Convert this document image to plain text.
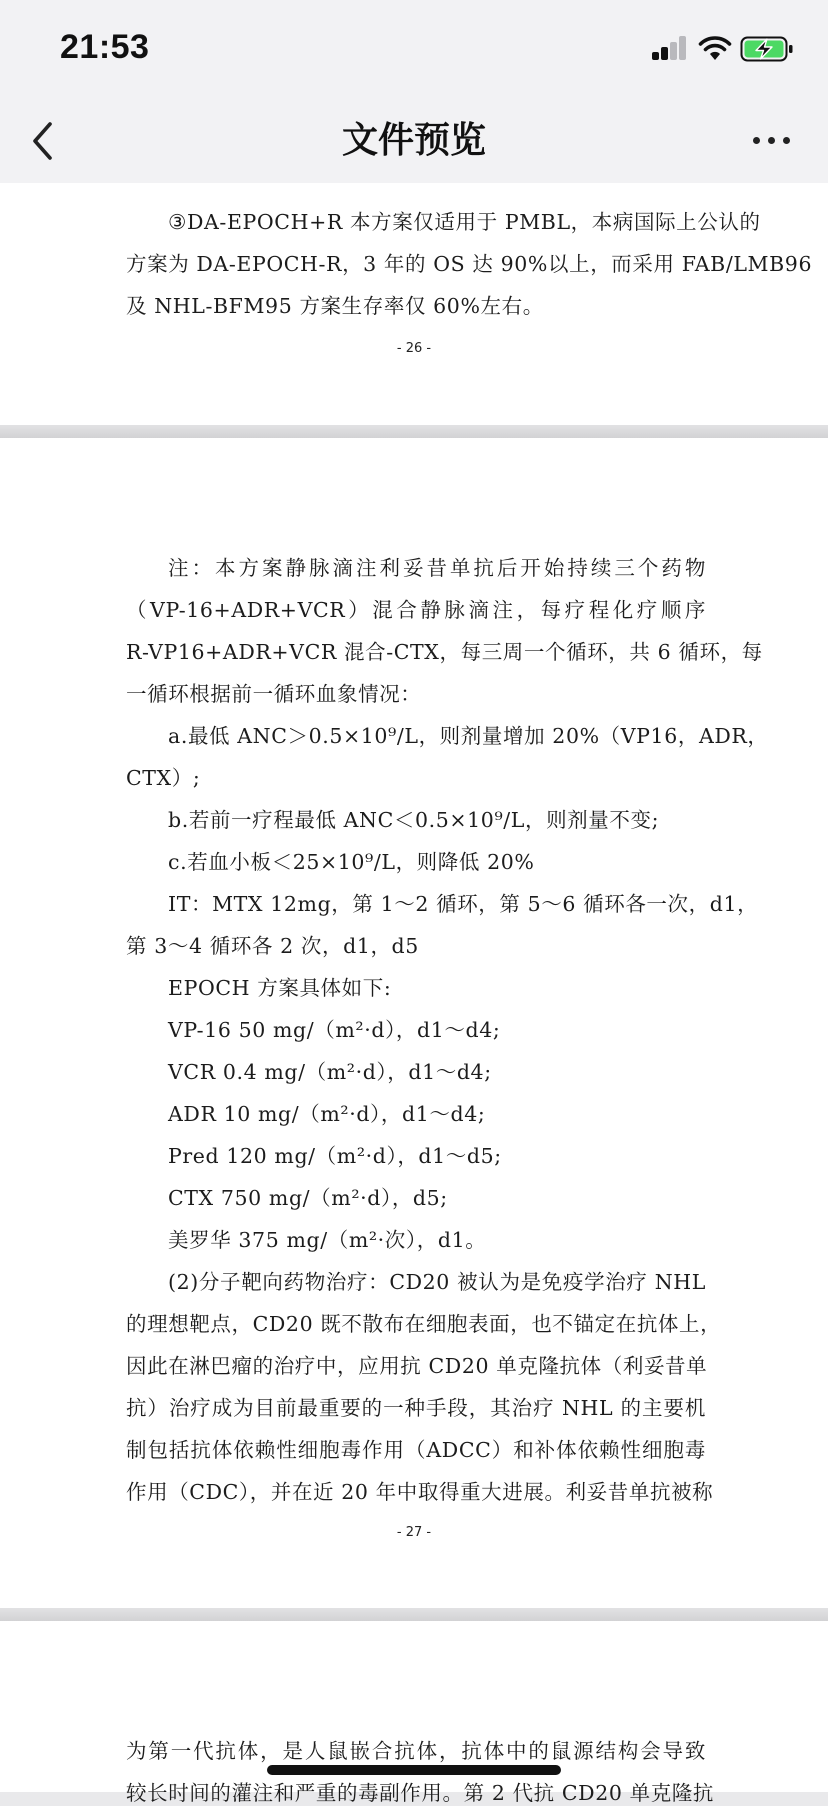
21:53
文件预览
③DA-EPOCH+R 本方案仅适用于 PMBL，本病国际上公认的
方案为 DA-EPOCH-R，3 年的 OS 达 90%以上，而采用 FAB/LMB96
及 NHL-BFM95 方案生存率仅 60%左右。
- 26 -
注：本方案静脉滴注利妥昔单抗后开始持续三个药物
（VP-16+ADR+VCR）混合静脉滴注，每疗程化疗顺序
R-VP16+ADR+VCR 混合-CTX，每三周一个循环，共 6 循环，每
一循环根据前一循环血象情况：
a.最低 ANC＞0.5×10⁹/L，则剂量增加 20%（VP16，ADR，
CTX）;
b.若前一疗程最低 ANC＜0.5×10⁹/L，则剂量不变;
c.若血小板＜25×10⁹/L，则降低 20%
IT：MTX 12mg，第 1～2 循环，第 5～6 循环各一次，d1，
第 3～4 循环各 2 次，d1，d5
EPOCH 方案具体如下:
VP-16 50 mg/（m²·d），d1～d4;
VCR 0.4 mg/（m²·d），d1～d4;
ADR 10 mg/（m²·d），d1～d4;
Pred 120 mg/（m²·d），d1～d5;
CTX 750 mg/（m²·d），d5;
美罗华 375 mg/（m²·次），d1。
(2)分子靶向药物治疗：CD20 被认为是免疫学治疗 NHL
的理想靶点，CD20 既不散布在细胞表面，也不锚定在抗体上，
因此在淋巴瘤的治疗中，应用抗 CD20 单克隆抗体（利妥昔单
抗）治疗成为目前最重要的一种手段，其治疗 NHL 的主要机
制包括抗体依赖性细胞毒作用（ADCC）和补体依赖性细胞毒
作用（CDC），并在近 20 年中取得重大进展。利妥昔单抗被称
- 27 -
为第一代抗体，是人鼠嵌合抗体，抗体中的鼠源结构会导致
较长时间的灌注和严重的毒副作用。第 2 代抗 CD20 单克隆抗
